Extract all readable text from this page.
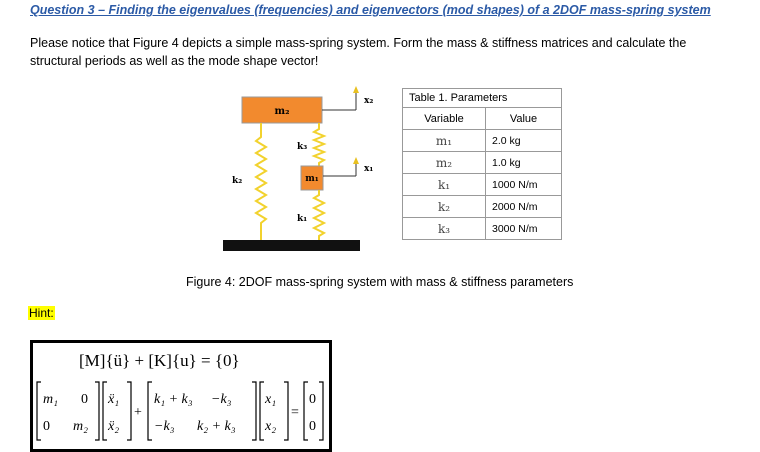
Question 3 – Finding the eigenvalues (frequencies) and eigenvectors (mod shapes) of a 2DOF mass-spring system
Please notice that Figure 4 depicts a simple mass-spring system. Form the mass & stiffness matrices and calculate the
structural periods as well as the mode shape vector!
m₂
x₂
k₂
k₃
m₁
x₁
k₁
Table 1. Parameters
Variable	Value
m₁	2.0 kg
m₂	1.0 kg
k₁	1000 N/m
k₂	2000 N/m
k₃	3000 N/m
Figure 4: 2DOF mass-spring system with mass & stiffness parameters
Hint:
[M]{ü} + [K]{u} = {0}
m₁ 0
0 m₂
ẍ₁
ẍ₂
+
k₁ + k₃ −k₃
−k₃ k₂ + k₃
x₁
x₂
=
0
0
